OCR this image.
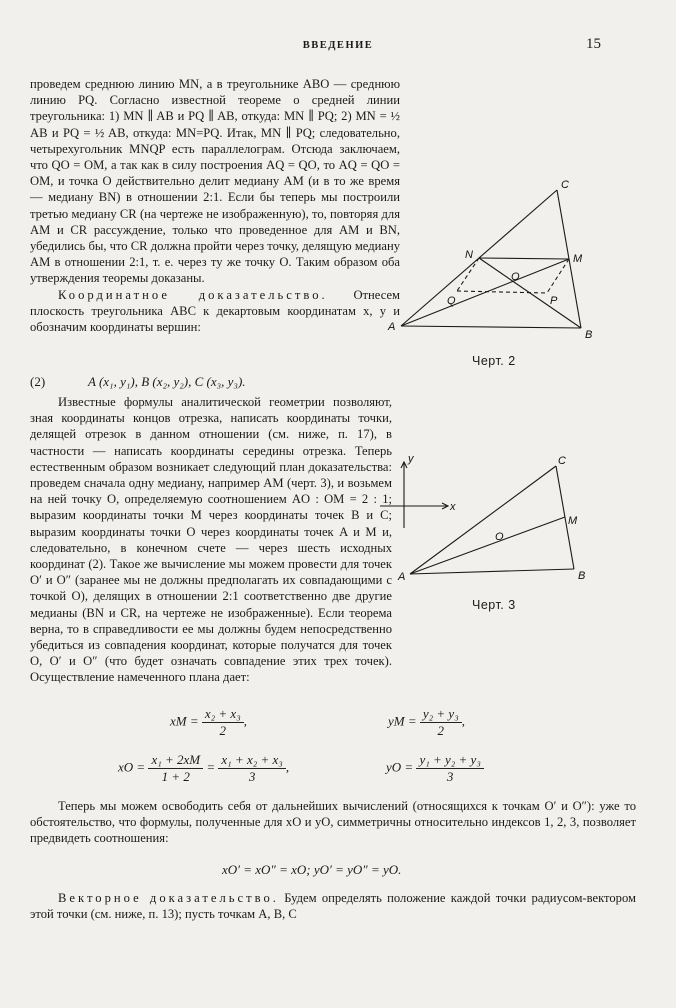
ВВЕДЕНИЕ	15
A
B
C
M
N
O
P
Q
Черт. 2
y
x
A	B
C
M
O
Черт. 3

проведем среднюю линию MN, а в треугольнике ABO — среднюю линию PQ. Согласно известной теореме о средней линии треугольника: 1) MN ∥ AB и PQ ∥ AB, откуда: MN ∥ PQ; 2) MN = ½ AB и PQ = ½ AB, откуда: MN=PQ. Итак, MN ∥ PQ; следовательно, четырехугольник MNQP есть параллелограм. Отсюда заключаем, что QO = OM, а так как в силу построения AQ = QO, то AQ = QO = OM, и точка O действительно делит медиану AM (и в то же время — медиану BN) в отношении 2:1. Если бы теперь мы построили третью медиану CR (на чертеже не изображенную), то, повторяя для AM и CR рассуждение, только что проведенное для AM и BN, убедились бы, что CR должна пройти через точку, делящую медиану AM в отношении 2:1, т. е. через ту же точку O. Таким образом оба утверждения теоремы доказаны.
Координатное доказательство. Отнесем плоскость треугольника ABC к декартовым координатам x, y и обозначим координаты вершин:

(2)	A (x₁, y₁), B (x₂, y₂), C (x₃, y₃).

Известные формулы аналитической геометрии позволяют, зная координаты концов отрезка, написать координаты точки, делящей отрезок в данном отношении (см. ниже, п. 17), в частности — написать координаты середины отрезка. Теперь естественным образом возникает следующий план доказательства: проведем сначала одну медиану, например AM (черт. 3), и возьмем на ней точку O, определяемую соотношением AO : OM = 2 : 1; выразим координаты точки M через координаты точек B и C; выразим координаты точки O через координаты точек A и M и, следовательно, в конечном счете — через шесть исходных координат (2). Такое же вычисление мы можем провести для точек O′ и O″ (заранее мы не должны предполагать их совпадающими с точкой O), делящих в отношении 2:1 соответственно две другие медианы (BN и CR, на чертеже не изображенные). Если теорема верна, то в справедливости ее мы должны будем непосредственно убедиться из совпадения координат, которые получатся для точек O, O′ и O″ (что будет означать совпадение этих трех точек). Осуществление намеченного плана дает:

xM = $\frac{\text{x₂ + x₃}}{2}$ ,	yM = $\frac{\text{y₂ + y₃}}{2}$ ,
xO = $\frac{\text{x₁ + 2xM}}{1 + 2} = \frac{\text{x₁ + x₂ + x₃}}{3}$ ,	yO = $\frac{\text{y₁ + y₂ + y₃}}{3}$

Теперь мы можем освободить себя от дальнейших вычислений (относящихся к точкам O′ и O″): уже то обстоятельство, что формулы, полученные для xO и yO, симметричны относительно индексов 1, 2, 3, позволяет предвидеть соотношения:

xO′ = xO″ = xO; yO′ = yO″ = yO.

Векторное доказательство. Будем определять положение каждой точки радиусом-вектором этой точки (см. ниже, п. 13); пусть точкам A, B, C
